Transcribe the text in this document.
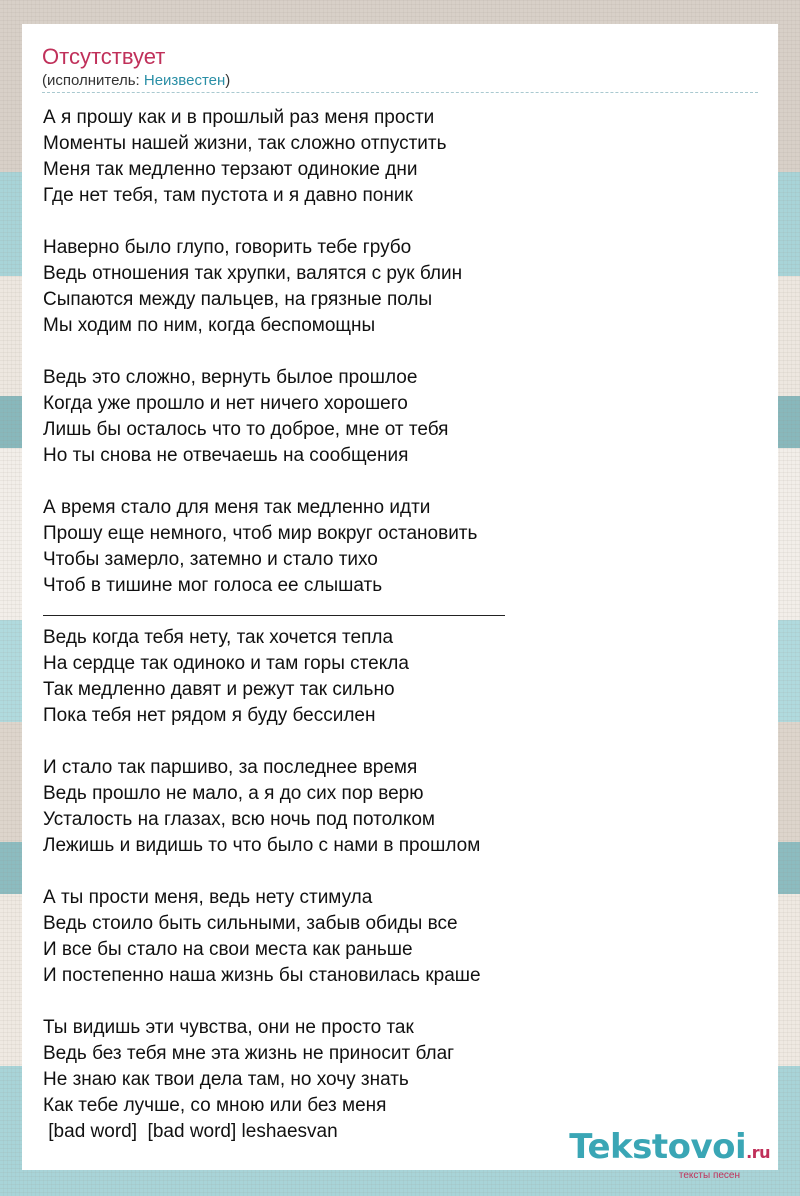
Отсутствует
(исполнитель: Неизвестен)
А я прошу как и в прошлый раз меня прости
Моменты нашей жизни, так сложно отпустить
Меня так медленно терзают одинокие дни
Где нет тебя, там пустота и я давно поник
Наверно было глупо, говорить тебе грубо
Ведь отношения так хрупки, валятся с рук блин
Сыпаются между пальцев, на грязные полы
Мы ходим по ним, когда беспомощны
Ведь это сложно, вернуть былое прошлое
Когда уже прошло и нет ничего хорошего
Лишь бы осталось что то доброе, мне от тебя
Но ты снова не отвечаешь на сообщения
А время стало для меня так медленно идти
Прошу еще немного, чтоб мир вокруг остановить
Чтобы замерло, затемно и стало тихо
Чтоб в тишине мог голоса ее слышать
Ведь когда тебя нету, так хочется тепла
На сердце так одиноко и там горы стекла
Так медленно давят и режут так сильно
Пока тебя нет рядом я буду бессилен
И стало так паршиво, за последнее время
Ведь прошло не мало, а я до сих пор верю
Усталость на глазах, всю ночь под потолком
Лежишь и видишь то что было с нами в прошлом
А ты прости меня, ведь нету стимула
Ведь стоило быть сильными, забыв обиды все
И все бы стало на свои места как раньше
И постепенно наша жизнь бы становилась краше
Ты видишь эти чувства, они не просто так
Ведь без тебя мне эта жизнь не приносит благ
Не знаю как твои дела там, но хочу знать
Как тебе лучше, со мною или без меня
[bad word]  [bad word] leshaesvan	Tekstovoi.ru
тексты песен
